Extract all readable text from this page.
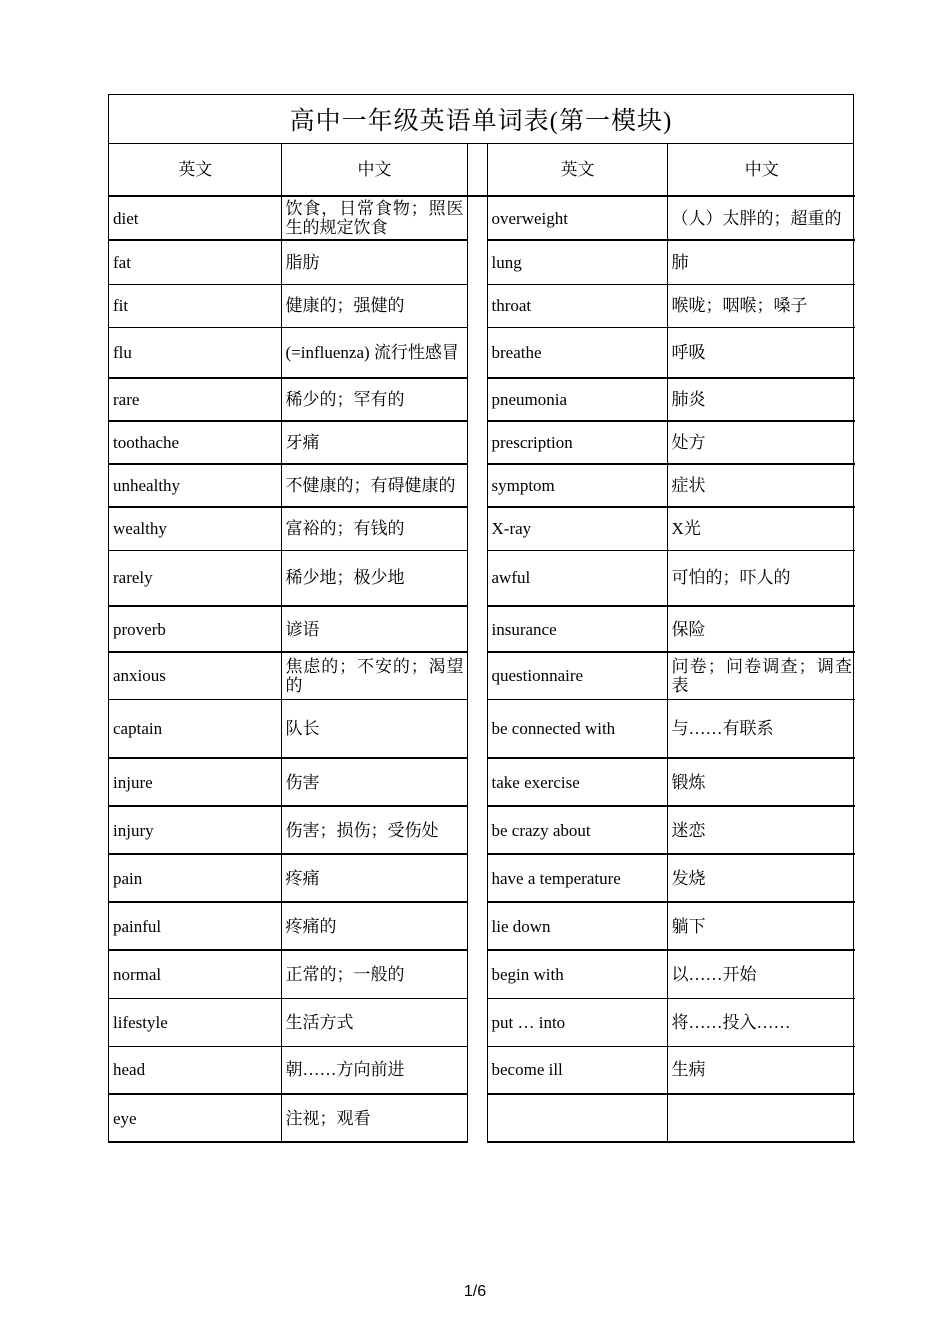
高中一年级英语单词表(第一模块)
英文	中文		英文	中文
diet	饮食，日常食物；照医生的规定饮食		overweight	（人）太胖的；超重的
fat	脂肪		lung	肺
fit	健康的；强健的		throat	喉咙；咽喉；嗓子
flu	(=influenza) 流行性感冒		breathe	呼吸
rare	稀少的；罕有的		pneumonia	肺炎
toothache	牙痛		prescription	处方
unhealthy	不健康的；有碍健康的		symptom	症状
wealthy	富裕的；有钱的		X-ray	X光
rarely	稀少地；极少地		awful	可怕的；吓人的
proverb	谚语		insurance	保险
anxious	焦虑的；不安的；渴望的		questionnaire	问卷；问卷调查；调查表
captain	队长		be connected with	与……有联系
injure	伤害		take exercise	锻炼
injury	伤害；损伤；受伤处		be crazy about	迷恋
pain	疼痛		have a temperature	发烧
painful	疼痛的		lie down	躺下
normal	正常的；一般的		begin with	以……开始
lifestyle	生活方式		put … into	将……投入……
head	朝……方向前进		become ill	生病
eye	注视；观看			
1/6
